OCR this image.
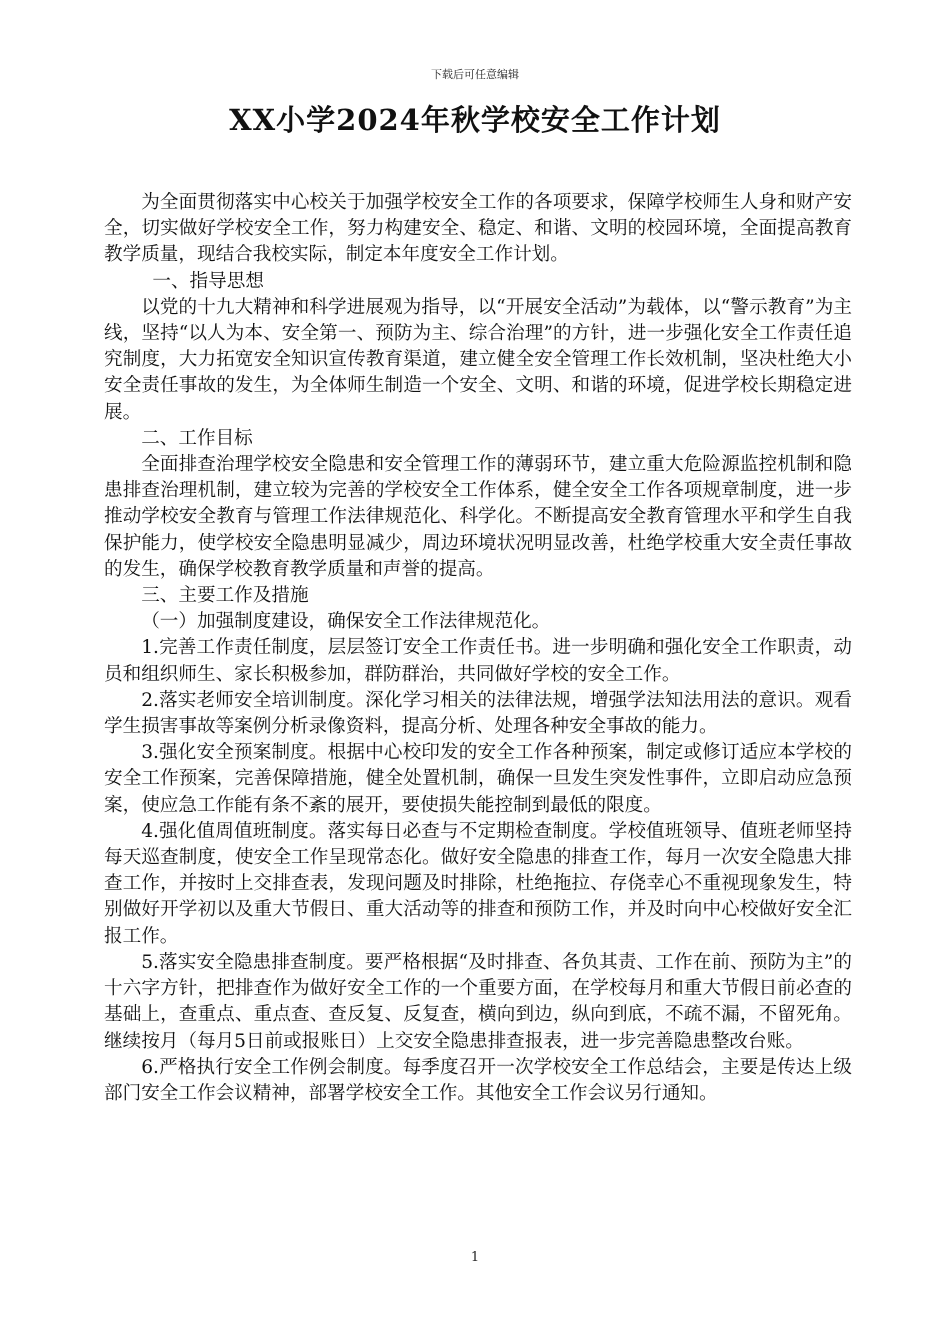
下载后可任意编辑
XX小学2024年秋学校安全工作计划

为全面贯彻落实中心校关于加强学校安全工作的各项要求，保障学校师生人身和财产安全，切实做好学校安全工作，努力构建安全、稳定、和谐、文明的校园环境，全面提高教育教学质量，现结合我校实际，制定本年度安全工作计划。

一、指导思想

以党的十九大精神和科学进展观为指导，以“开展安全活动”为载体，以“警示教育”为主线，坚持“以人为本、安全第一、预防为主、综合治理”的方针，进一步强化安全工作责任追究制度，大力拓宽安全知识宣传教育渠道，建立健全安全管理工作长效机制，坚决杜绝大小安全责任事故的发生，为全体师生制造一个安全、文明、和谐的环境，促进学校长期稳定进展。

二、工作目标

全面排查治理学校安全隐患和安全管理工作的薄弱环节，建立重大危险源监控机制和隐患排查治理机制，建立较为完善的学校安全工作体系，健全安全工作各项规章制度，进一步推动学校安全教育与管理工作法律规范化、科学化。不断提高安全教育管理水平和学生自我保护能力，使学校安全隐患明显减少，周边环境状况明显改善，杜绝学校重大安全责任事故的发生，确保学校教育教学质量和声誉的提高。

三、主要工作及措施

（一）加强制度建设，确保安全工作法律规范化。

1.完善工作责任制度，层层签订安全工作责任书。进一步明确和强化安全工作职责，动员和组织师生、家长积极参加，群防群治，共同做好学校的安全工作。

2.落实老师安全培训制度。深化学习相关的法律法规，增强学法知法用法的意识。观看学生损害事故等案例分析录像资料，提高分析、处理各种安全事故的能力。

3.强化安全预案制度。根据中心校印发的安全工作各种预案，制定或修订适应本学校的安全工作预案，完善保障措施，健全处置机制，确保一旦发生突发性事件，立即启动应急预案，使应急工作能有条不紊的展开，要使损失能控制到最低的限度。

4.强化值周值班制度。落实每日必查与不定期检查制度。学校值班领导、值班老师坚持每天巡查制度，使安全工作呈现常态化。做好安全隐患的排查工作，每月一次安全隐患大排查工作，并按时上交排查表，发现问题及时排除，杜绝拖拉、存侥幸心不重视现象发生，特别做好开学初以及重大节假日、重大活动等的排查和预防工作，并及时向中心校做好安全汇报工作。

5.落实安全隐患排查制度。要严格根据“及时排查、各负其责、工作在前、预防为主”的十六字方针，把排查作为做好安全工作的一个重要方面，在学校每月和重大节假日前必查的基础上，查重点、重点查、查反复、反复查，横向到边，纵向到底，不疏不漏，不留死角。继续按月（每月5日前或报账日）上交安全隐患排查报表，进一步完善隐患整改台账。

6.严格执行安全工作例会制度。每季度召开一次学校安全工作总结会，主要是传达上级部门安全工作会议精神，部署学校安全工作。其他安全工作会议另行通知。

1
